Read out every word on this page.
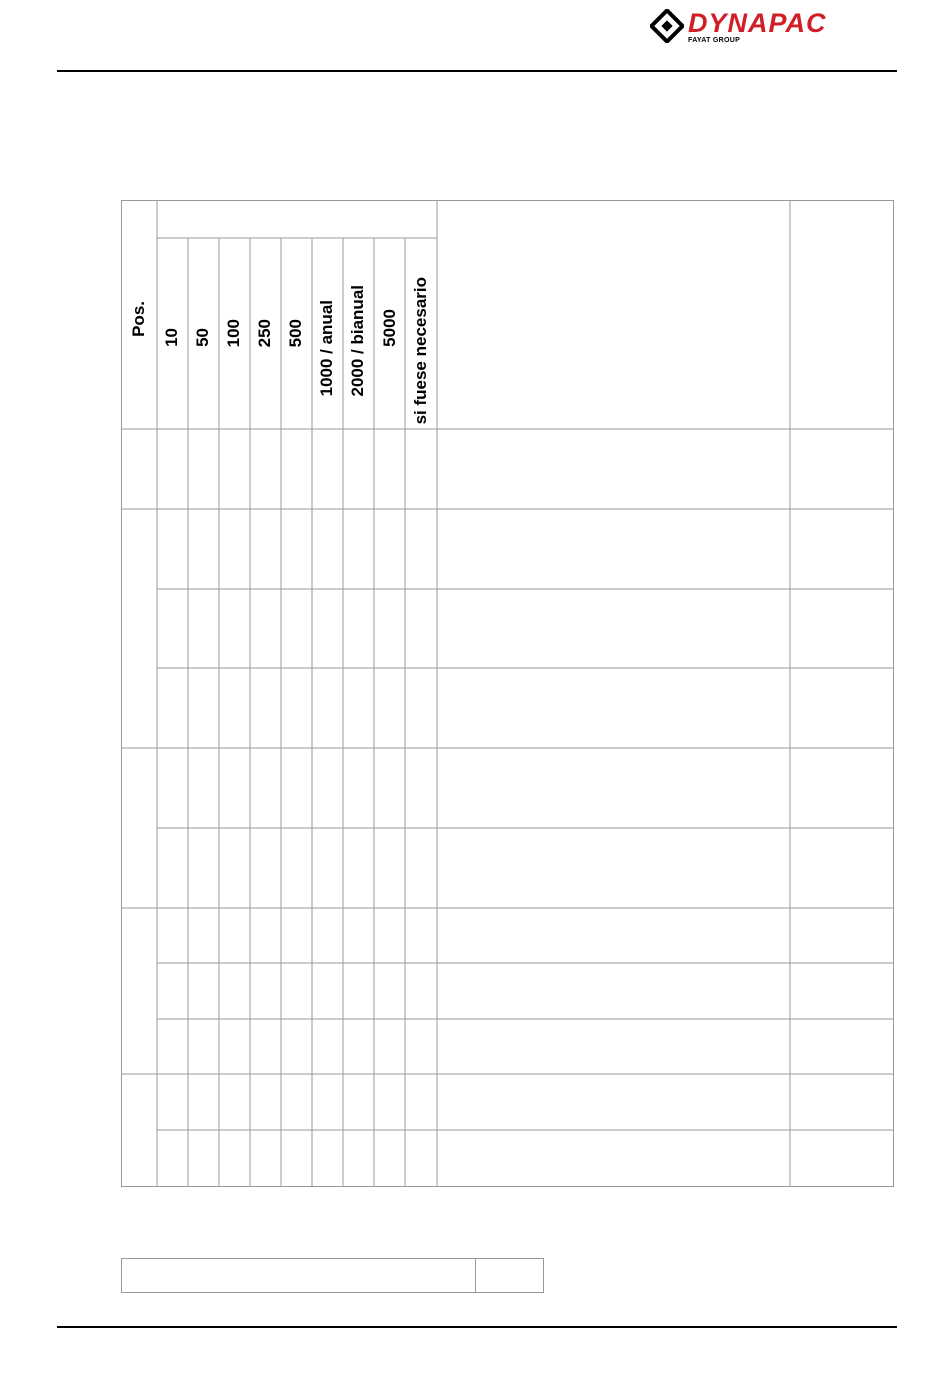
DYNAPAC
FAYAT GROUP
Pos.
10 50 100 250 500 1000 / anual 2000 / bianual 5000 si fuese necesario
